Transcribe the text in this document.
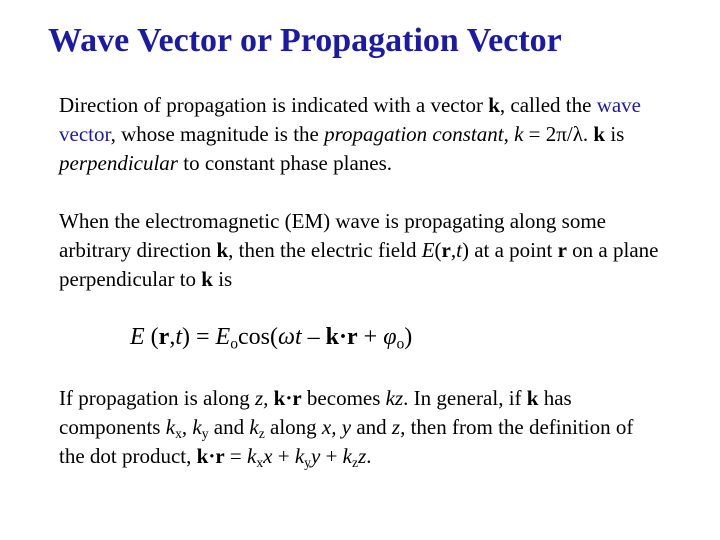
Wave Vector or Propagation Vector

Direction of propagation is indicated with a vector k, called the wave vector, whose magnitude is the propagation constant, k = 2π/λ. k is perpendicular to constant phase planes.

When the electromagnetic (EM) wave is propagating along some arbitrary direction k, then the electric field E(r,t) at a point r on a plane perpendicular to k is

E $(r,t) = E_o\cos(\omega t - k\cdot r + \varphi_o)$

If propagation is along z, k·r becomes kz. In general, if k has components $k_x$, $k_y$ and $k_z$ along x, y and z, then from the definition of the dot product, $k\cdot r = k_xx + k_yy + k_zz$.
